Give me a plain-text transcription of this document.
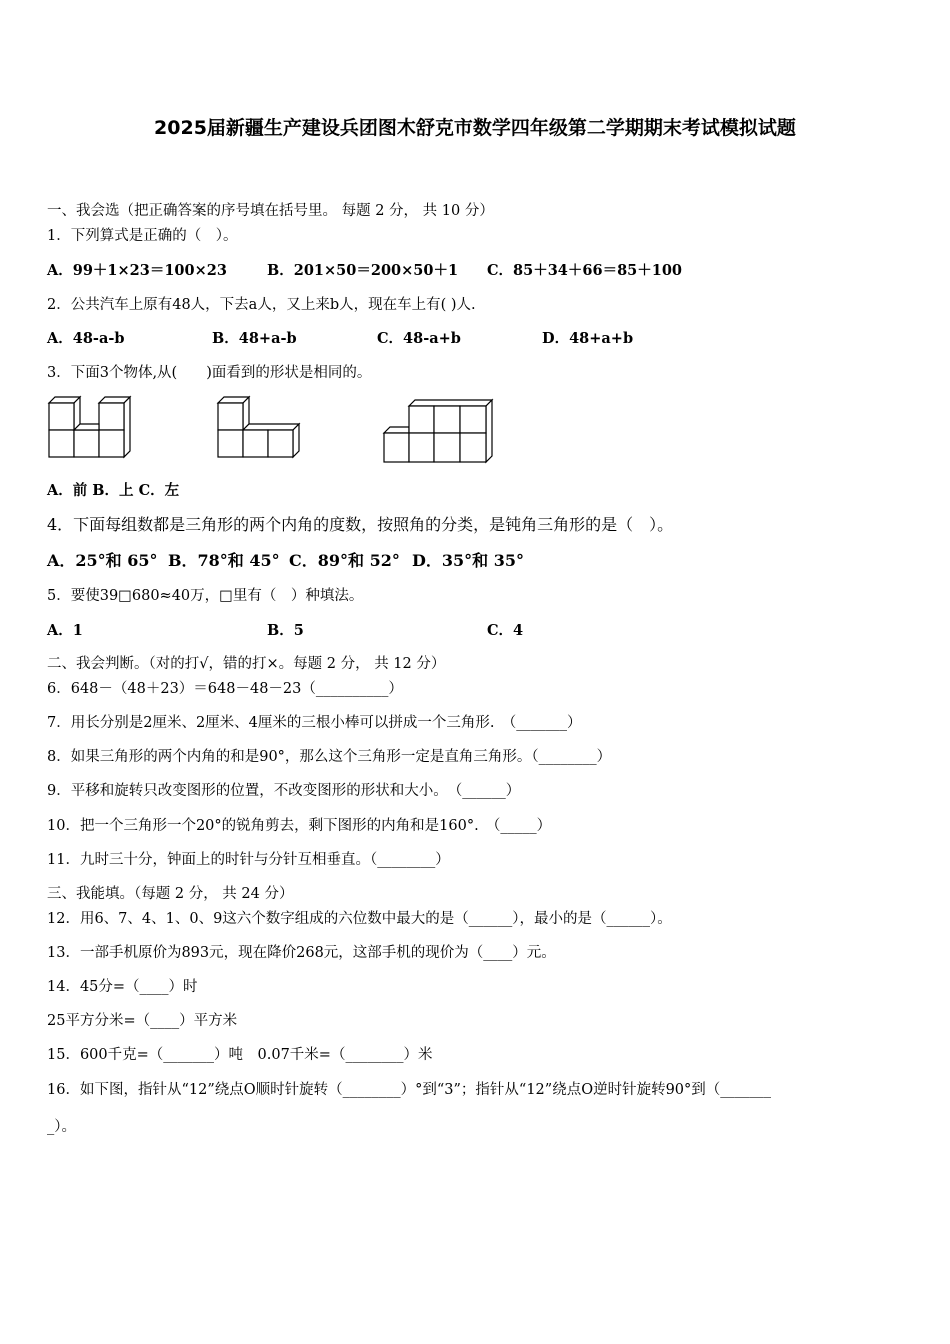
2025届新疆生产建设兵团图木舒克市数学四年级第二学期期末考试模拟试题
一、我会选（把正确答案的序号填在括号里。 每题 2 分， 共 10 分）
1．下列算式是正确的（　）。
A．99＋1×23＝100×23	B．201×50＝200×50＋1 C．85＋34＋66＝85＋100
2．公共汽车上原有48人，下去a人，又上来b人，现在车上有( )人.
A．48-a-b	B．48+a-b	C．48-a+b	D．48+a+b
3．下面3个物体,从(　　)面看到的形状是相同的。
A．前 B．上 C．左
4．下面每组数都是三角形的两个内角的度数，按照角的分类，是钝角三角形的是（　）。
A．25°和 65° B．78°和 45° C．89°和 52° D．35°和 35°
5．要使39□680≈40万，□里有（　）种填法。
A．1	B．5	C．4
二、我会判断。（对的打√，错的打×。每题 2 分， 共 12 分）
6．648－（48＋23）＝648－48－23（__________）
7．用长分别是2厘米、2厘米、4厘米的三根小棒可以拼成一个三角形.　（_______）
8．如果三角形的两个内角的和是90°，那么这个三角形一定是直角三角形。（________）
9．平移和旋转只改变图形的位置，不改变图形的形状和大小。　（______）
10．把一个三角形一个20°的锐角剪去，剩下图形的内角和是160°.　（_____）
11．九时三十分，钟面上的时针与分针互相垂直。（________）
三、我能填。（每题 2 分， 共 24 分）
12．用6、7、4、1、0、9这六个数字组成的六位数中最大的是（______），最小的是（______）。
13．一部手机原价为893元，现在降价268元，这部手机的现价为（____）元。
14．45分=（____）时
25平方分米=（____）平方米
15．600千克=（_______）吨　0.07千米=（________）米
16．如下图，指针从“12”绕点O顺时针旋转（________）°到“3”；指针从“12”绕点O逆时针旋转90°到（_______
_）。
